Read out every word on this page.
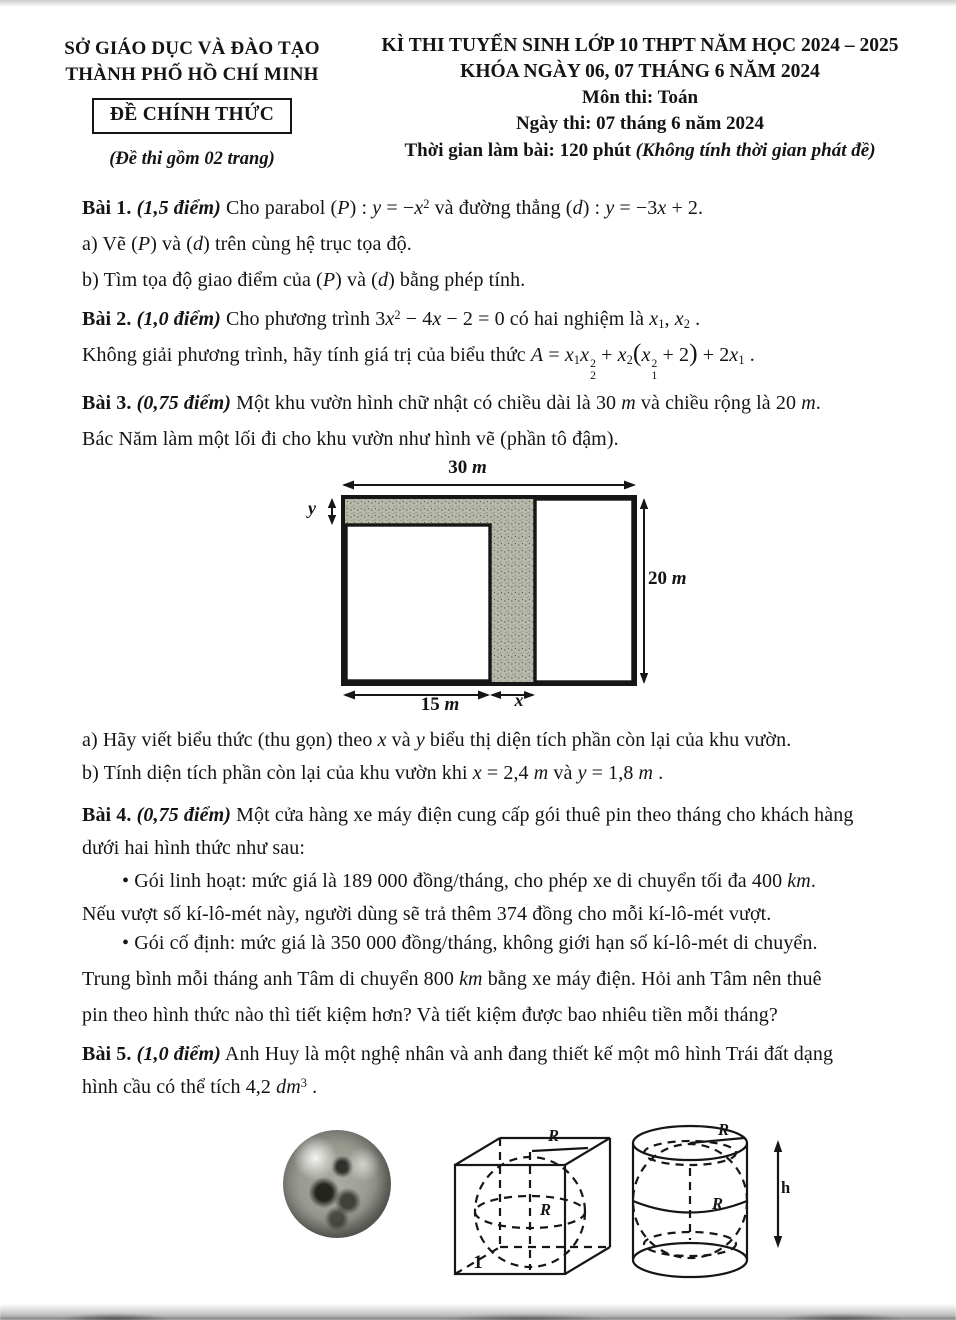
SỞ GIÁO DỤC VÀ ĐÀO TẠO
THÀNH PHỐ HỒ CHÍ MINH
ĐỀ CHÍNH THỨC
(Đề thi gồm 02 trang)
KÌ THI TUYỂN SINH LỚP 10 THPT NĂM HỌC 2024 – 2025
KHÓA NGÀY 06, 07 THÁNG 6 NĂM 2024
Môn thi: Toán
Ngày thi: 07 tháng 6 năm 2024
Thời gian làm bài: 120 phút (Không tính thời gian phát đề)
Bài 1. (1,5 điểm) Cho parabol (P) : $y = -x^2$ và đường thẳng (d) : y = −3x + 2.
a) Vẽ (P) và (d) trên cùng hệ trục tọa độ.
b) Tìm tọa độ giao điểm của (P) và (d) bằng phép tính.
Bài 2. (1,0 điểm) Cho phương trình $3x^2 - 4x - 2 = 0$ có hai nghiệm là $x_1$, $x_2$ .
Không giải phương trình, hãy tính giá trị của biểu thức $A = x_1x$ 2
2
+ $x_2(x$ 2
1
+ $2) + 2x_1$ .
Bài 3. (0,75 điểm) Một khu vườn hình chữ nhật có chiều dài là 30 m và chiều rộng là 20 m.
Bác Năm làm một lối đi cho khu vườn như hình vẽ (phần tô đậm).
30 m
y
20 m
15 m	x
a) Hãy viết biểu thức (thu gọn) theo x và y biểu thị diện tích phần còn lại của khu vườn.
b) Tính diện tích phần còn lại của khu vườn khi x = 2,4 m và y = 1,8 m .
Bài 4. (0,75 điểm) Một cửa hàng xe máy điện cung cấp gói thuê pin theo tháng cho khách hàng
dưới hai hình thức như sau:
• Gói linh hoạt: mức giá là 189 000 đồng/tháng, cho phép xe di chuyển tối đa 400 km.
Nếu vượt số kí-lô-mét này, người dùng sẽ trả thêm 374 đồng cho mỗi kí-lô-mét vượt.
• Gói cố định: mức giá là 350 000 đồng/tháng, không giới hạn số kí-lô-mét di chuyển.
Trung bình mỗi tháng anh Tâm di chuyển 800 km bằng xe máy điện. Hỏi anh Tâm nên thuê
pin theo hình thức nào thì tiết kiệm hơn? Và tiết kiệm được bao nhiêu tiền mỗi tháng?
Bài 5. (1,0 điểm) Anh Huy là một nghệ nhân và anh đang thiết kế một mô hình Trái đất dạng
hình cầu có thể tích 4,2 $dm^3$ .
R
R
R
R
h
1
